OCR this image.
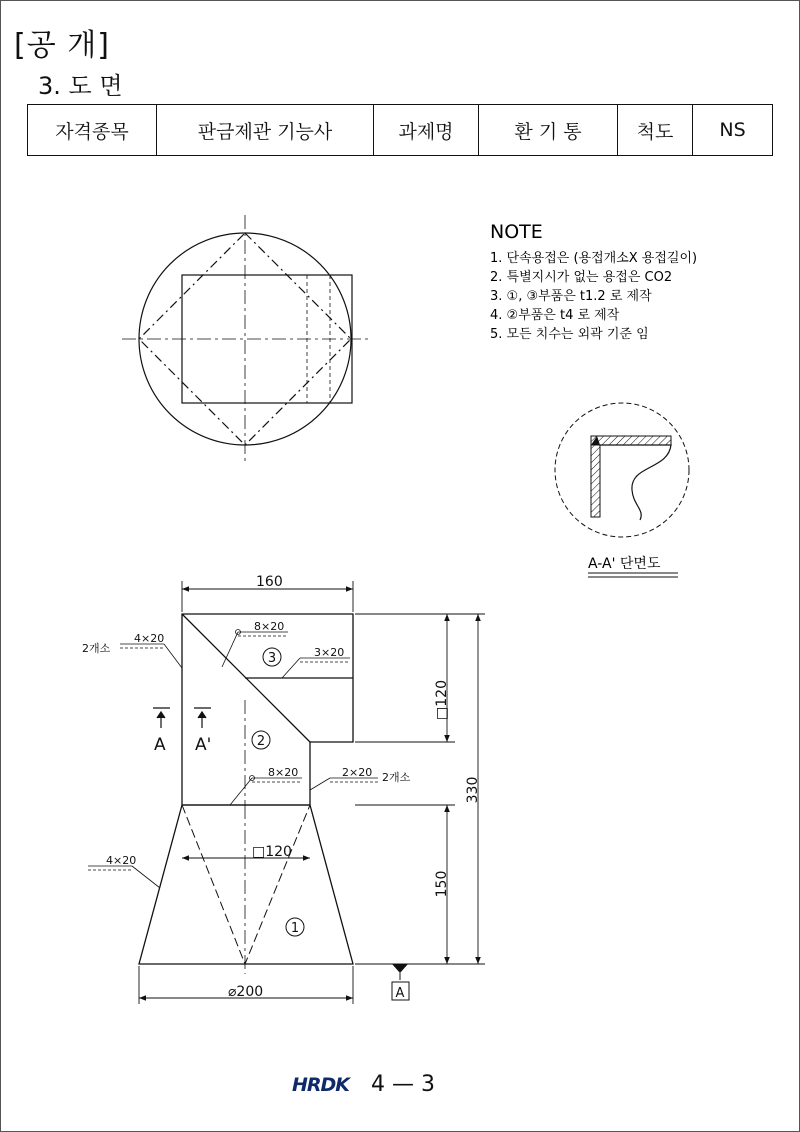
[공 개]
3. 도 면
자격종목	판금제관 기능사	과제명	환 기 통	척도	NS
NOTE
1. 단속용접은 (용접개소X 용접길이)
2. 특별지시가 없는 용접은 CO2
3. ①, ③부품은 t1.2 로 제작
4. ②부품은 t4 로 제작
5. 모든 치수는 외곽 기준 임
A-A' 단면도
160
□120
330
150
□120
⌀200
4×20
2개소
8×20
3×20
8×20	2×20 2개소
4×20
3
2
1
A A'
A
HRDK 4 — 3
